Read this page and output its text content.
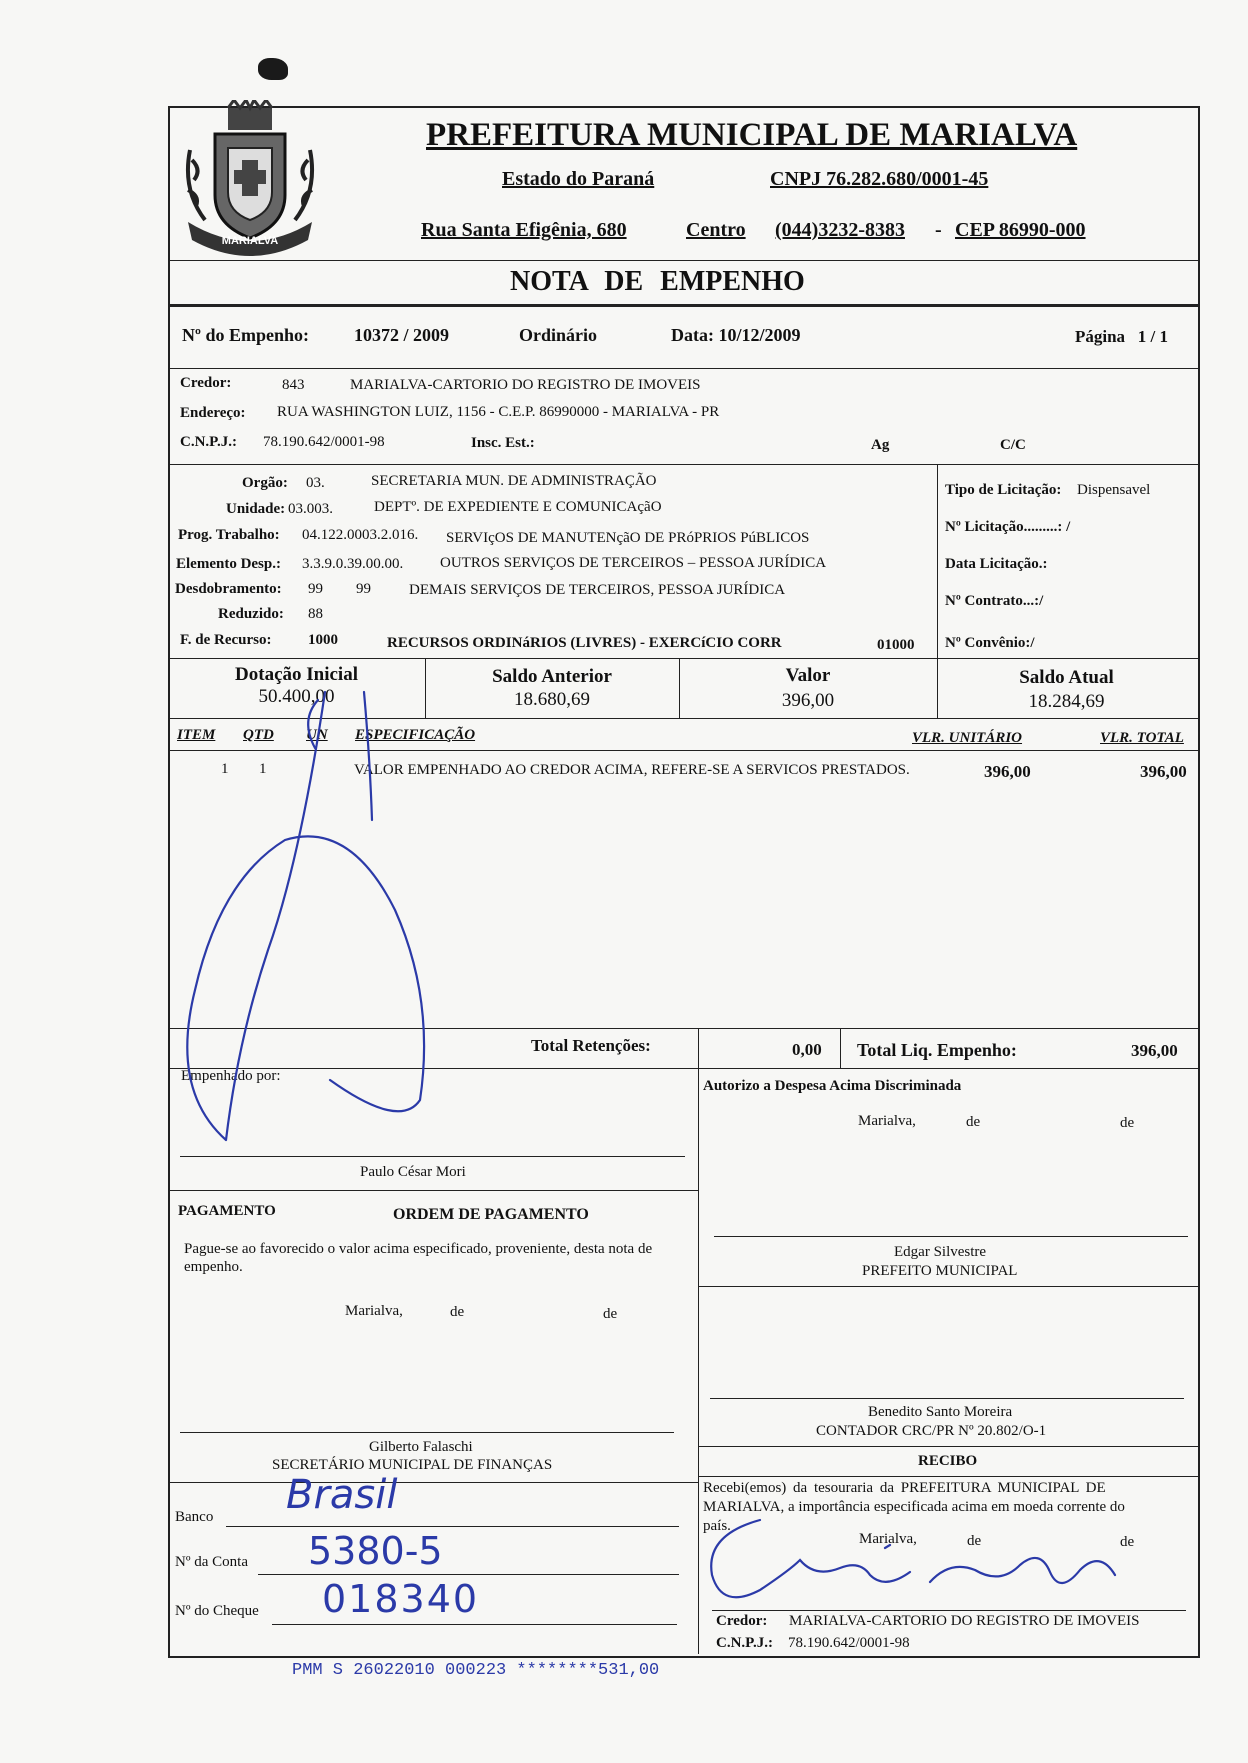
MARIALVA
PREFEITURA MUNICIPAL DE MARIALVA
Estado do Paraná	CNPJ 76.282.680/0001-45
Rua Santa Efigênia, 680	Centro (044)3232-8383 - CEP 86990-000
NOTA DE EMPENHO
Nº do Empenho:	10372 / 2009	Ordinário	Data: 10/12/2009	Página   1 / 1
Credor:	843	MARIALVA-CARTORIO DO REGISTRO DE IMOVEIS
Endereço: RUA WASHINGTON LUIZ, 1156 - C.E.P. 86990000 - MARIALVA - PR
C.N.P.J.: 78.190.642/0001-98	Insc. Est.:	Ag	C/C
Orgão: 03.	SECRETARIA MUN. DE ADMINISTRAÇÃO
Unidade: 03.003.	DEPTº. DE EXPEDIENTE E COMUNICAçãO
Prog. Trabalho: 04.122.0003.2.016. SERVIçOS DE MANUTENçãO DE PRóPRIOS PúBLICOS
Elemento Desp.: 3.3.9.0.39.00.00. OUTROS SERVIÇOS DE TERCEIROS – PESSOA JURÍDICA
Desdobramento: 99 99	DEMAIS SERVIÇOS DE TERCEIROS, PESSOA JURÍDICA
Reduzido: 88
F. de Recurso: 1000	RECURSOS ORDINáRIOS (LIVRES) - EXERCíCIO CORR	01000
Tipo de Licitação: Dispensavel
Nº Licitação.........: /
Data Licitação.:
Nº Contrato...:/
Nº Convênio:/
Dotação Inicial
50.400,00
Saldo Anterior
18.680,69
Valor
396,00
Saldo Atual
18.284,69
ITEM QTD UN ESPECIFICAÇÃO	VLR. UNITÁRIO	VLR. TOTAL
1 1	VALOR EMPENHADO AO CREDOR ACIMA, REFERE-SE A SERVICOS PRESTADOS.	396,00	396,00
Total Retenções:	0,00 Total Liq. Empenho:	396,00
Empenhado por:
Paulo César Mori
PAGAMENTO	ORDEM DE PAGAMENTO
Pague-se ao favorecido o valor acima especificado, proveniente, desta nota de empenho.
Marialva,	de	de
Gilberto Falaschi
SECRETÁRIO MUNICIPAL DE FINANÇAS
Banco Brasil
Nº da Conta 5380-5
Nº do Cheque 018340
Autorizo a Despesa Acima Discriminada
Marialva,	de	de
Edgar Silvestre
PREFEITO MUNICIPAL
Benedito Santo Moreira
CONTADOR CRC/PR Nº 20.802/O-1
RECIBO
Recebi(emos) da tesouraria da PREFEITURA MUNICIPAL DE
MARIALVA, a importância especificada acima em moeda corrente do
país.
Marialva,	de	de
Credor: MARIALVA-CARTORIO DO REGISTRO DE IMOVEIS
C.N.P.J.: 78.190.642/0001-98
PMM S 26022010 000223 ********531,00
